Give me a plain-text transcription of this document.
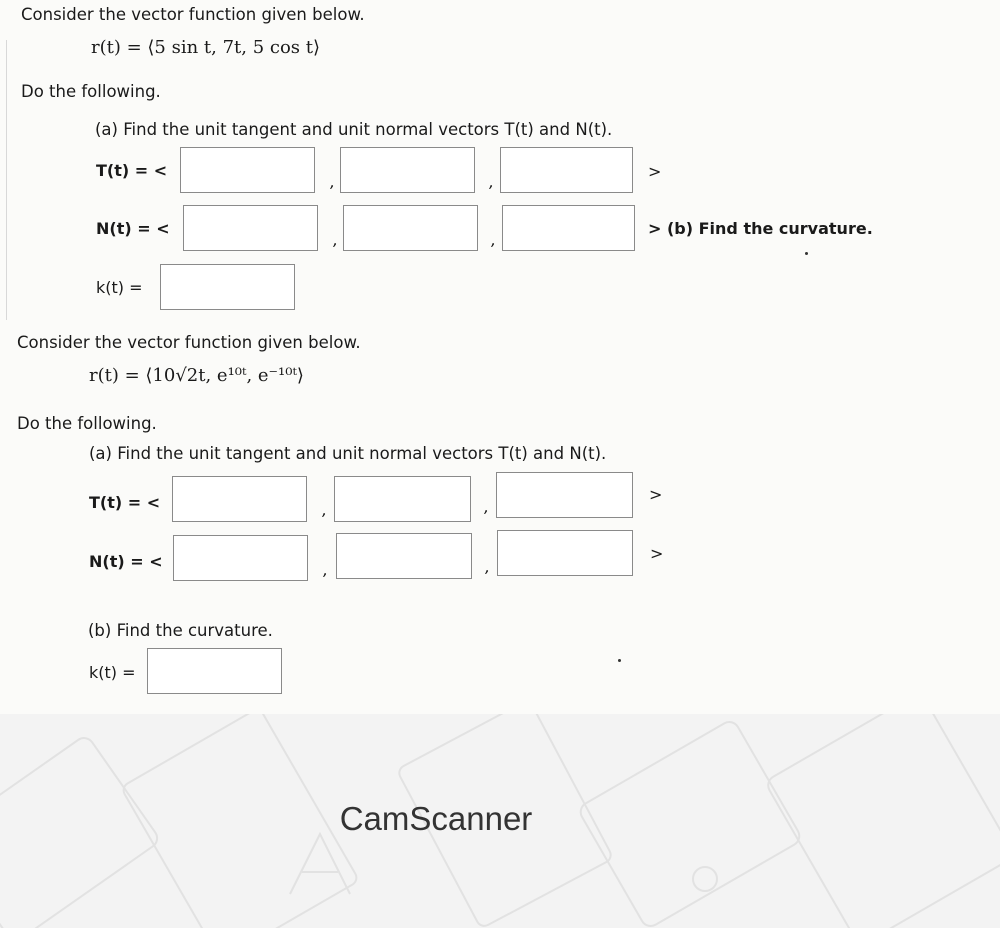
Consider the vector function given below.
r(t) = ⟨5 sin t, 7t, 5 cos t⟩
Do the following.
(a) Find the unit tangent and unit normal vectors T(t) and N(t).
T(t) = <
,	,
>
N(t) = <
,	,
> (b) Find the curvature.
k(t) =
Consider the vector function given below.
r(t) = ⟨10√2t, e¹⁰ᵗ, e⁻¹⁰ᵗ⟩
Do the following.
(a) Find the unit tangent and unit normal vectors T(t) and N(t).
T(t) = <	,	,
>
N(t) = <	,	,
>
(b) Find the curvature.
k(t) =
CamScanner
